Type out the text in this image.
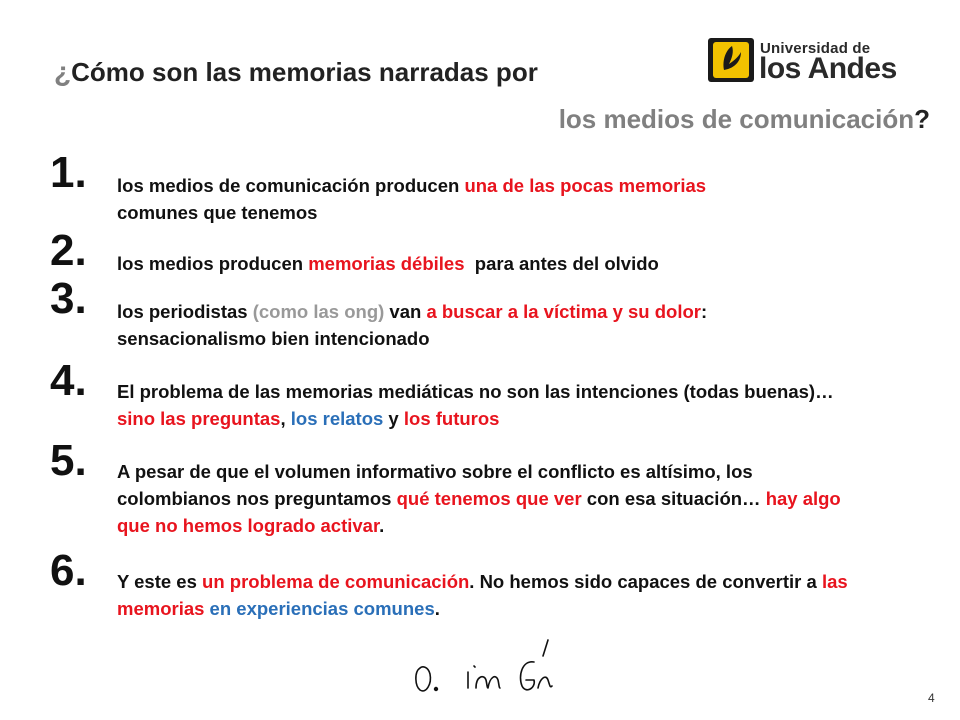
¿Cómo son las memorias narradas por
los medios de comunicación?
Universidad de
los Andes
1. los medios de comunicación producen una de las pocas memorias
comunes que tenemos
2. los medios producen memorias débiles para antes del olvido
3. los periodistas (como las ong) van a buscar a la víctima y su dolor:
sensacionalismo bien intencionado
4. El problema de las memorias mediáticas no son las intenciones (todas buenas)… sino las preguntas, los relatos y los futuros
5. A pesar de que el volumen informativo sobre el conflicto es altísimo, los colombianos nos preguntamos qué tenemos que ver con esa situación… hay algo que no hemos logrado activar.
6. Y este es un problema de comunicación. No hemos sido capaces de convertir a las memorias en experiencias comunes.
4
